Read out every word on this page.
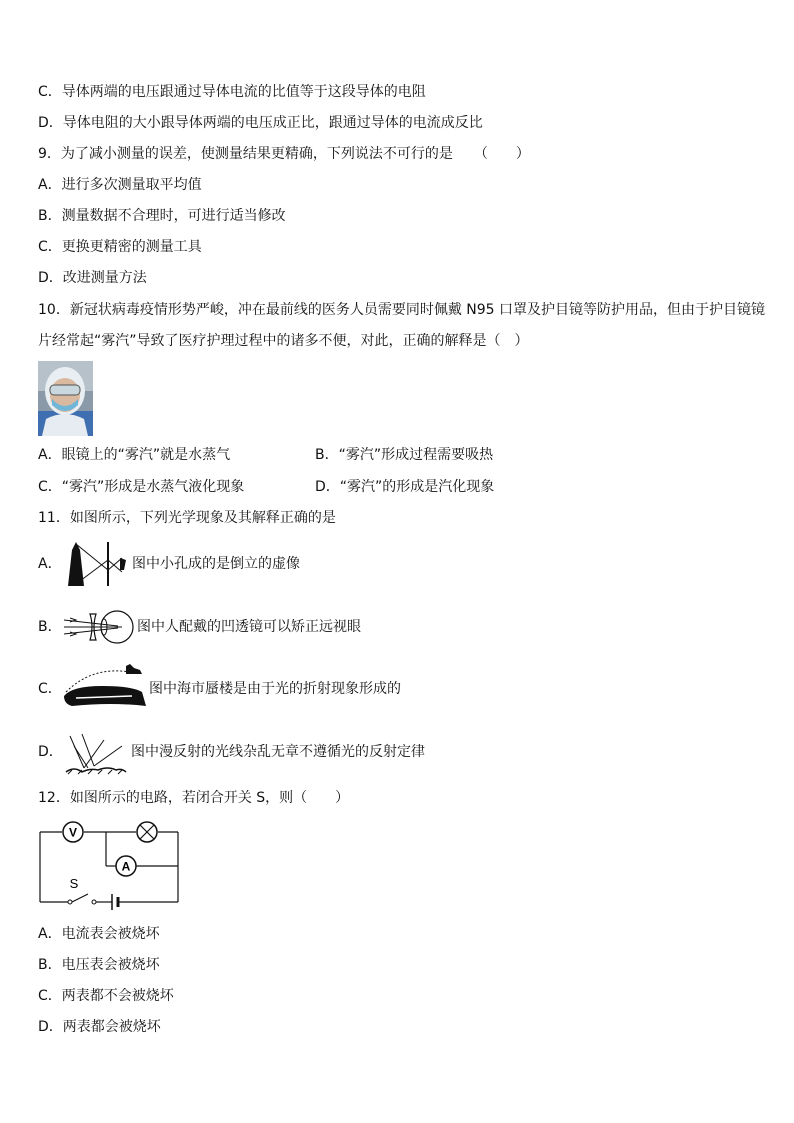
C．导体两端的电压跟通过导体电流的比值等于这段导体的电阻
D．导体电阻的大小跟导体两端的电压成正比，跟通过导体的电流成反比
9．为了减小测量的误差，使测量结果更精确，下列说法不可行的是　　（　　）
A．进行多次测量取平均值
B．测量数据不合理时，可进行适当修改
C．更换更精密的测量工具
D．改进测量方法
10．新冠状病毒疫情形势严峻，冲在最前线的医务人员需要同时佩戴 N95 口罩及护目镜等防护用品，但由于护目镜镜
片经常起“雾汽”导致了医疗护理过程中的诸多不便，对此，正确的解释是（　）
A．眼镜上的“雾汽”就是水蒸气	B．“雾汽”形成过程需要吸热
C．“雾汽”形成是水蒸气液化现象	D．“雾汽”的形成是汽化现象
11．如图所示，下列光学现象及其解释正确的是
A．	图中小孔成的是倒立的虚像
B．	图中人配戴的凹透镜可以矫正远视眼
C．	图中海市蜃楼是由于光的折射现象形成的
D．	图中漫反射的光线杂乱无章不遵循光的反射定律
12．如图所示的电路，若闭合开关 S，则（　　）
V
A
S
A．电流表会被烧坏
B．电压表会被烧坏
C．两表都不会被烧坏
D．两表都会被烧坏
